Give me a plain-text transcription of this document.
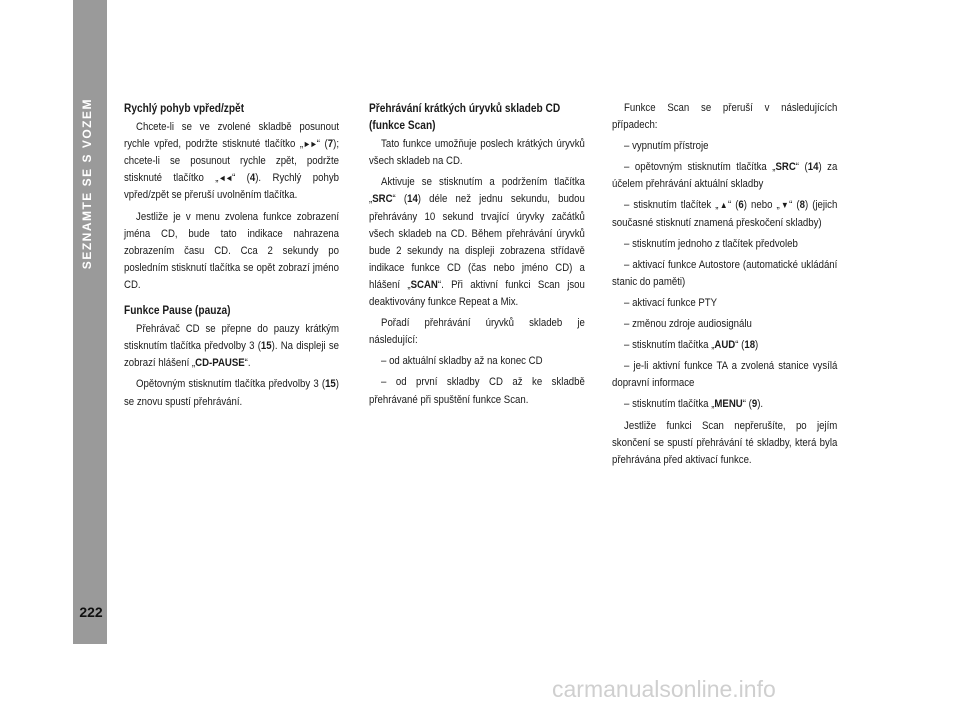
SEZNAMTE SE S VOZEM
222
Rychlý pohyb vpřed/zpět

Chcete-li se ve zvolené skladbě posunout rychle vpřed, podržte stisknuté tlačítko „►►“ (7); chcete-li se posunout rychle zpět, podržte stisknuté tlačítko „◄◄“ (4). Rychlý pohyb vpřed/zpět se přeruší uvolněním tlačítka.

Jestliže je v menu zvolena funkce zobrazení jména CD, bude tato indikace nahrazena zobrazením času CD. Cca 2 sekundy po posledním stisknutí tlačítka se opět zobrazí jméno CD.

Funkce Pause (pauza)

Přehrávač CD se přepne do pauzy krátkým stisknutím tlačítka předvolby 3 (15). Na displeji se zobrazí hlášení „CD-PAUSE“.

Opětovným stisknutím tlačítka předvolby 3 (15) se znovu spustí přehrávání.

Přehrávání krátkých úryvků skladeb CD (funkce Scan)

Tato funkce umožňuje poslech krátkých úryvků všech skladeb na CD.

Aktivuje se stisknutím a podržením tlačítka „SRC“ (14) déle než jednu sekundu, budou přehrávány 10 sekund trvající úryvky začátků všech skladeb na CD. Během přehrávání úryvků bude 2 sekundy na displeji zobrazena střídavě indikace funkce CD (čas nebo jméno CD) a hlášení „SCAN“. Při aktivní funkci Scan jsou deaktivovány funkce Repeat a Mix.

Pořadí přehrávání úryvků skladeb je následující:

– od aktuální skladby až na konec CD

– od první skladby CD až ke skladbě přehrávané při spuštění funkce Scan.

Funkce Scan se přeruší v následujících případech:

– vypnutím přístroje

– opětovným stisknutím tlačítka „SRC“ (14) za účelem přehrávání aktuální skladby

– stisknutím tlačítek „▲“ (6) nebo „▼“ (8) (jejich současné stisknutí znamená přeskočení skladby)

– stisknutím jednoho z tlačítek předvoleb

– aktivací funkce Autostore (automatické ukládání stanic do paměti)

– aktivací funkce PTY

– změnou zdroje audiosignálu

– stisknutím tlačítka „AUD“ (18)

– je-li aktivní funkce TA a zvolená stanice vysílá dopravní informace

– stisknutím tlačítka „MENU“ (9).

Jestliže funkci Scan nepřerušíte, po jejím skončení se spustí přehrávání té skladby, která byla přehrávána před aktivací funkce.

carmanualsonline.info
